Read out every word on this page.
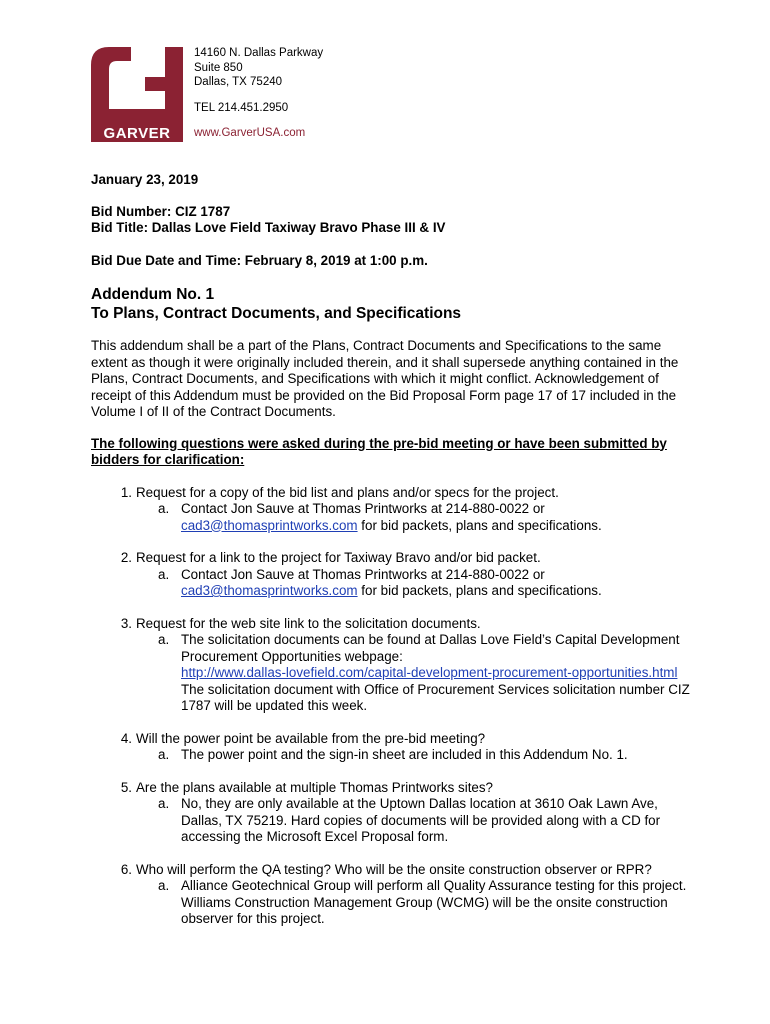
GARVER
14160 N. Dallas Parkway
Suite 850
Dallas, TX 75240
TEL 214.451.2950
www.GarverUSA.com
January 23, 2019
Bid Number: CIZ 1787
Bid Title: Dallas Love Field Taxiway Bravo Phase III & IV
Bid Due Date and Time: February 8, 2019 at 1:00 p.m.
Addendum No. 1
To Plans, Contract Documents, and Specifications
This addendum shall be a part of the Plans, Contract Documents and Specifications to the same extent as though it were originally included therein, and it shall supersede anything contained in the Plans, Contract Documents, and Specifications with which it might conflict. Acknowledgement of receipt of this Addendum must be provided on the Bid Proposal Form page 17 of 17 included in the Volume I of II of the Contract Documents.
The following questions were asked during the pre-bid meeting or have been submitted by bidders for clarification:
1. Request for a copy of the bid list and plans and/or specs for the project.
a. Contact Jon Sauve at Thomas Printworks at 214-880-0022 or
cad3@thomasprintworks.com for bid packets, plans and specifications.
2. Request for a link to the project for Taxiway Bravo and/or bid packet.
a. Contact Jon Sauve at Thomas Printworks at 214-880-0022 or
cad3@thomasprintworks.com for bid packets, plans and specifications.
3. Request for the web site link to the solicitation documents.
a. The solicitation documents can be found at Dallas Love Field’s Capital Development Procurement Opportunities webpage:
http://www.dallas-lovefield.com/capital-development-procurement-opportunities.html
The solicitation document with Office of Procurement Services solicitation number CIZ 1787 will be updated this week.
4. Will the power point be available from the pre-bid meeting?
a. The power point and the sign-in sheet are included in this Addendum No. 1.
5. Are the plans available at multiple Thomas Printworks sites?
a. No, they are only available at the Uptown Dallas location at 3610 Oak Lawn Ave, Dallas, TX 75219. Hard copies of documents will be provided along with a CD for accessing the Microsoft Excel Proposal form.
6. Who will perform the QA testing? Who will be the onsite construction observer or RPR?
a. Alliance Geotechnical Group will perform all Quality Assurance testing for this project. Williams Construction Management Group (WCMG) will be the onsite construction observer for this project.
